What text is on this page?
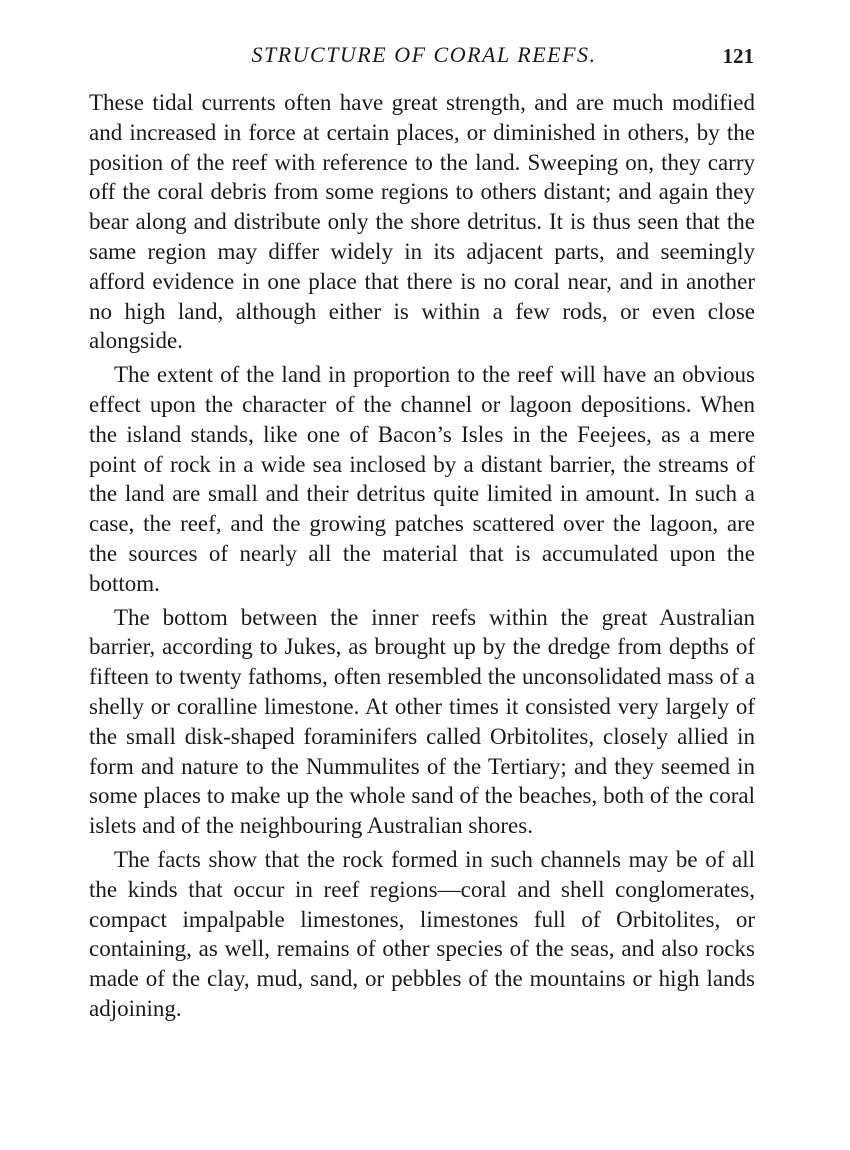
STRUCTURE OF CORAL REEFS.	121

These tidal currents often have great strength, and are much modified and increased in force at certain places, or diminished in others, by the position of the reef with reference to the land. Sweeping on, they carry off the coral debris from some regions to others distant; and again they bear along and distribute only the shore detritus. It is thus seen that the same region may differ widely in its adjacent parts, and seemingly afford evidence in one place that there is no coral near, and in another no high land, although either is within a few rods, or even close alongside.

The extent of the land in proportion to the reef will have an obvious effect upon the character of the channel or lagoon depositions. When the island stands, like one of Bacon’s Isles in the Feejees, as a mere point of rock in a wide sea inclosed by a distant barrier, the streams of the land are small and their detritus quite limited in amount. In such a case, the reef, and the growing patches scattered over the lagoon, are the sources of nearly all the material that is accumulated upon the bottom.

The bottom between the inner reefs within the great Australian barrier, according to Jukes, as brought up by the dredge from depths of fifteen to twenty fathoms, often resembled the unconsolidated mass of a shelly or coralline limestone. At other times it consisted very largely of the small disk-shaped foraminifers called Orbitolites, closely allied in form and nature to the Nummulites of the Tertiary; and they seemed in some places to make up the whole sand of the beaches, both of the coral islets and of the neighbouring Australian shores.

The facts show that the rock formed in such channels may be of all the kinds that occur in reef regions—coral and shell conglomerates, compact impalpable limestones, limestones full of Orbitolites, or containing, as well, remains of other species of the seas, and also rocks made of the clay, mud, sand, or pebbles of the mountains or high lands adjoining.
